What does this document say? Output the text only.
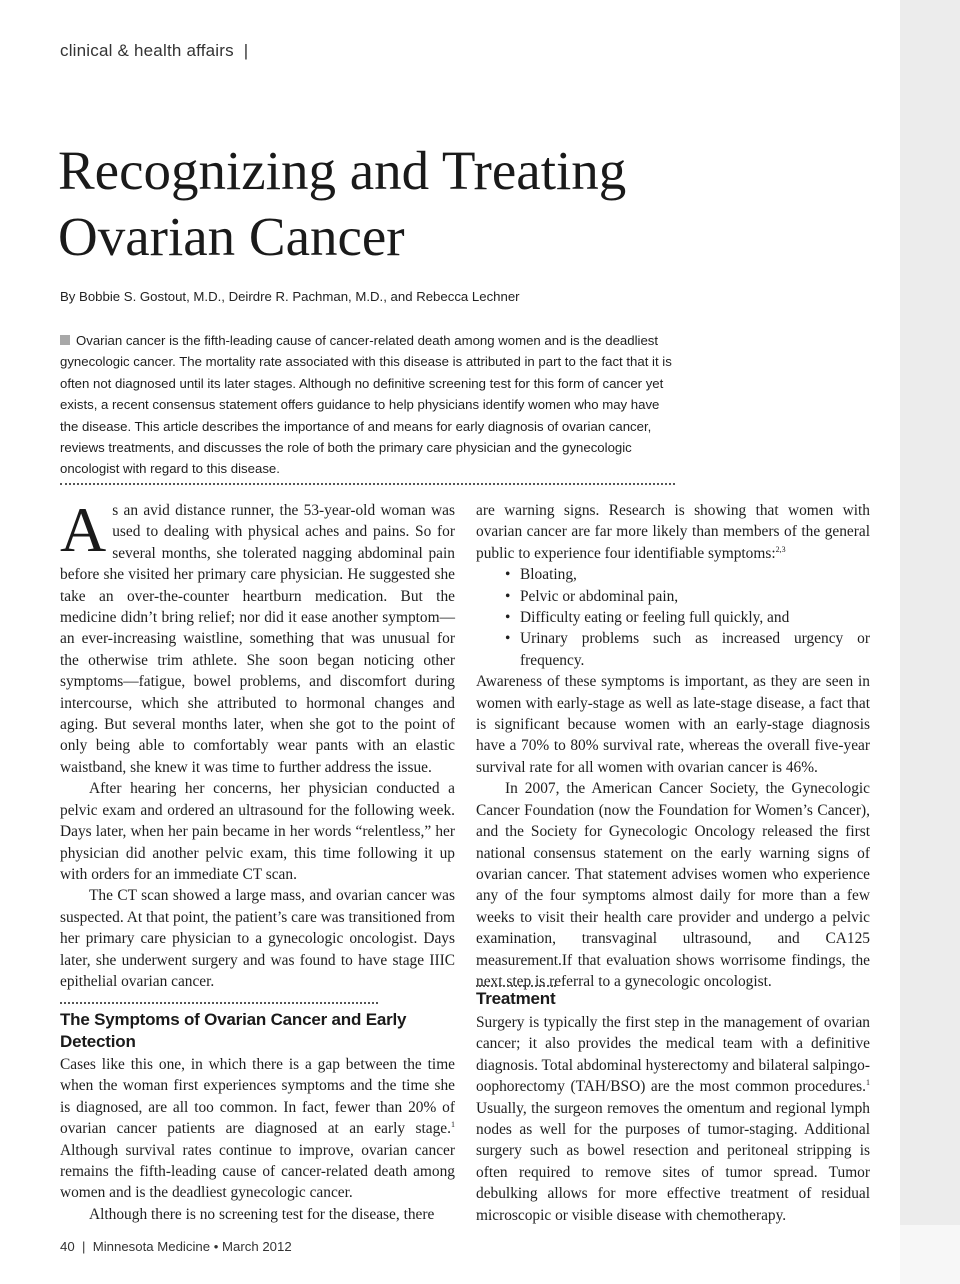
clinical & health affairs |
Recognizing and Treating
Ovarian Cancer
By Bobbie S. Gostout, M.D., Deirdre R. Pachman, M.D., and Rebecca Lechner

Ovarian cancer is the fifth-leading cause of cancer-related death among women and is the deadliest gynecologic cancer. The mortality rate associated with this disease is attributed in part to the fact that it is often not diagnosed until its later stages. Although no definitive screening test for this form of cancer yet exists, a recent consensus statement offers guidance to help physicians identify women who may have the disease. This article describes the importance of and means for early diagnosis of ovarian cancer, reviews treatments, and discusses the role of both the primary care physician and the gynecologic oncologist with regard to this disease.

As an avid distance runner, the 53-year-old woman was used to dealing with physical aches and pains. So for several months, she tolerated nagging abdominal pain before she visited her primary care physician. He suggested she take an over-the-counter heartburn medication. But the medicine didn’t bring relief; nor did it ease another symptom—an ever-increasing waistline, something that was unusual for the otherwise trim athlete. She soon began noticing other symptoms—fatigue, bowel problems, and discomfort during intercourse, which she attributed to hormonal changes and aging. But several months later, when she got to the point of only being able to comfortably wear pants with an elastic waistband, she knew it was time to further address the issue.

After hearing her concerns, her physician conducted a pelvic exam and ordered an ultrasound for the following week. Days later, when her pain became in her words “relentless,” her physician did another pelvic exam, this time following it up with orders for an immediate CT scan.

The CT scan showed a large mass, and ovarian cancer was suspected. At that point, the patient’s care was transitioned from her primary care physician to a gynecologic oncologist. Days later, she underwent surgery and was found to have stage IIIC epithelial ovarian cancer.

The Symptoms of Ovarian Cancer and Early Detection

Cases like this one, in which there is a gap between the time when the woman first experiences symptoms and the time she is diagnosed, are all too common. In fact, fewer than 20% of ovarian cancer patients are diagnosed at an early stage.$^1$ Although survival rates continue to improve, ovarian cancer remains the fifth-leading cause of cancer-related death among women and is the deadliest gynecologic cancer.

Although there is no screening test for the disease, there

are warning signs. Research is showing that women with ovarian cancer are far more likely than members of the general public to experience four identifiable symptoms:$^{2,3}$

• Bloating,
• Pelvic or abdominal pain,
• Difficulty eating or feeling full quickly, and
• Urinary problems such as increased urgency or frequency.

Awareness of these symptoms is important, as they are seen in women with early-stage as well as late-stage disease, a fact that is significant because women with an early-stage diagnosis have a 70% to 80% survival rate, whereas the overall five-year survival rate for all women with ovarian cancer is 46%.

In 2007, the American Cancer Society, the Gynecologic Cancer Foundation (now the Foundation for Women’s Cancer), and the Society for Gynecologic Oncology released the first national consensus statement on the early warning signs of ovarian cancer. That statement advises women who experience any of the four symptoms almost daily for more than a few weeks to visit their health care provider and undergo a pelvic examination, transvaginal ultrasound, and CA125 measurement.If that evaluation shows worrisome findings, the next step is referral to a gynecologic oncologist.

Treatment

Surgery is typically the first step in the management of ovarian cancer; it also provides the medical team with a definitive diagnosis. Total abdominal hysterectomy and bilateral salpingo-oophorectomy (TAH/BSO) are the most common procedures.$^1$ Usually, the surgeon removes the omentum and regional lymph nodes as well for the purposes of tumor-staging. Additional surgery such as bowel resection and peritoneal stripping is often required to remove sites of tumor spread. Tumor debulking allows for more effective treatment of residual microscopic or visible disease with chemotherapy.

40 | Minnesota Medicine • March 2012
